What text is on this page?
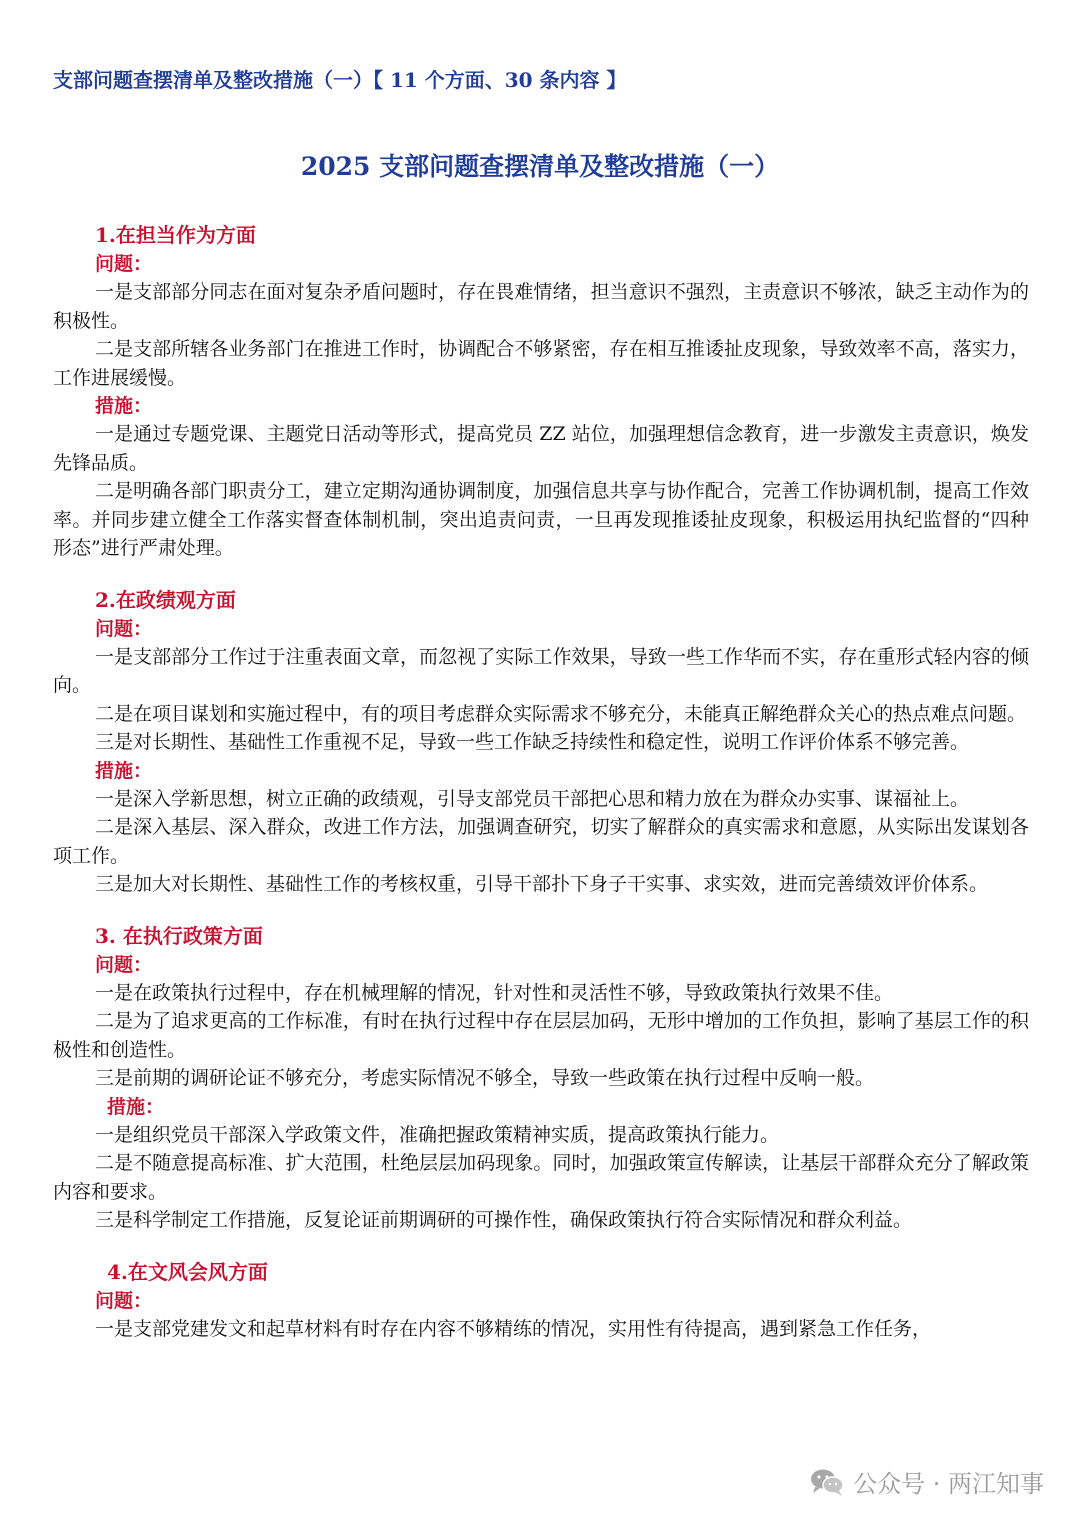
支部问题查摆清单及整改措施（一）【 11 个方面、30 条内容 】
2025 支部问题查摆清单及整改措施（一）
1.在担当作为方面
问题：

一是支部部分同志在面对复杂矛盾问题时，存在畏难情绪，担当意识不强烈，主责意识不够浓，缺乏主动作为的积极性。

二是支部所辖各业务部门在推进工作时，协调配合不够紧密，存在相互推诿扯皮现象，导致效率不高，落实力，工作进展缓慢。

措施：

一是通过专题党课、主题党日活动等形式，提高党员 ZZ 站位，加强理想信念教育，进一步激发主责意识，焕发先锋品质。

二是明确各部门职责分工，建立定期沟通协调制度，加强信息共享与协作配合，完善工作协调机制，提高工作效率。并同步建立健全工作落实督查体制机制，突出追责问责，一旦再发现推诿扯皮现象，积极运用执纪监督的“四种形态”进行严肃处理。

2.在政绩观方面
问题：

一是支部部分工作过于注重表面文章，而忽视了实际工作效果，导致一些工作华而不实，存在重形式轻内容的倾向。

二是在项目谋划和实施过程中，有的项目考虑群众实际需求不够充分，未能真正解绝群众关心的热点难点问题。

三是对长期性、基础性工作重视不足，导致一些工作缺乏持续性和稳定性，说明工作评价体系不够完善。

措施：

一是深入学新思想，树立正确的政绩观，引导支部党员干部把心思和精力放在为群众办实事、谋福祉上。

二是深入基层、深入群众，改进工作方法，加强调查研究，切实了解群众的真实需求和意愿，从实际出发谋划各项工作。

三是加大对长期性、基础性工作的考核权重，引导干部扑下身子干实事、求实效，进而完善绩效评价体系。

3. 在执行政策方面
问题：

一是在政策执行过程中，存在机械理解的情况，针对性和灵活性不够，导致政策执行效果不佳。

二是为了追求更高的工作标准，有时在执行过程中存在层层加码，无形中增加的工作负担，影响了基层工作的积极性和创造性。

三是前期的调研论证不够充分，考虑实际情况不够全，导致一些政策在执行过程中反响一般。

措施：

一是组织党员干部深入学政策文件，准确把握政策精神实质，提高政策执行能力。

二是不随意提高标准、扩大范围，杜绝层层加码现象。同时，加强政策宣传解读，让基层干部群众充分了解政策内容和要求。

三是科学制定工作措施，反复论证前期调研的可操作性，确保政策执行符合实际情况和群众利益。

4.在文风会风方面
问题：

一是支部党建发文和起草材料有时存在内容不够精练的情况，实用性有待提高，遇到紧急工作任务，

公众号 · 两江知事
